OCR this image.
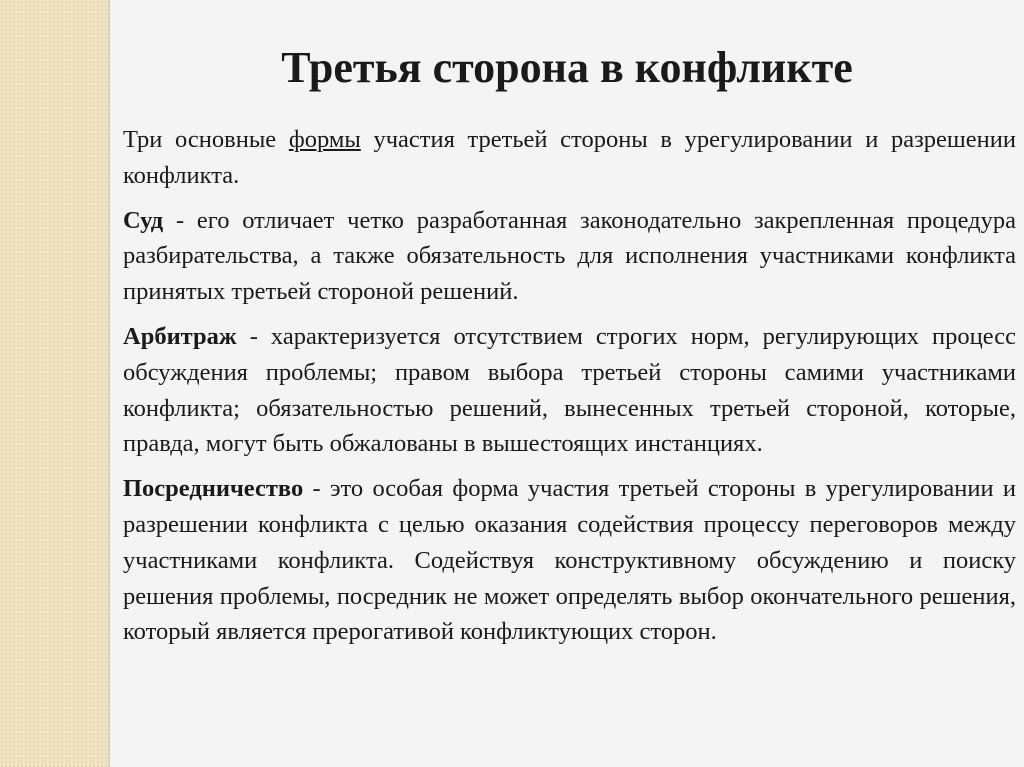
Третья сторона в конфликте

Три основные формы участия третьей стороны в урегулировании и разрешении конфликта.

Суд - его отличает четко разработанная законодательно закрепленная процедура разбирательства, а также обязательность для исполнения участниками конфликта принятых третьей стороной решений.

Арбитраж - характеризуется отсутствием строгих норм, регулирующих процесс обсуждения проблемы; правом выбора третьей стороны самими участниками конфликта; обязательностью решений, вынесенных третьей стороной, которые, правда, могут быть обжалованы в вышестоящих инстанциях.

Посредничество - это особая форма участия третьей стороны в урегулировании и разрешении конфликта с целью оказания содействия процессу переговоров между участниками конфликта. Содействуя конструктивному обсуждению и поиску решения проблемы, посредник не может определять выбор окончательного решения, который является прерогативой конфликтующих сторон.
